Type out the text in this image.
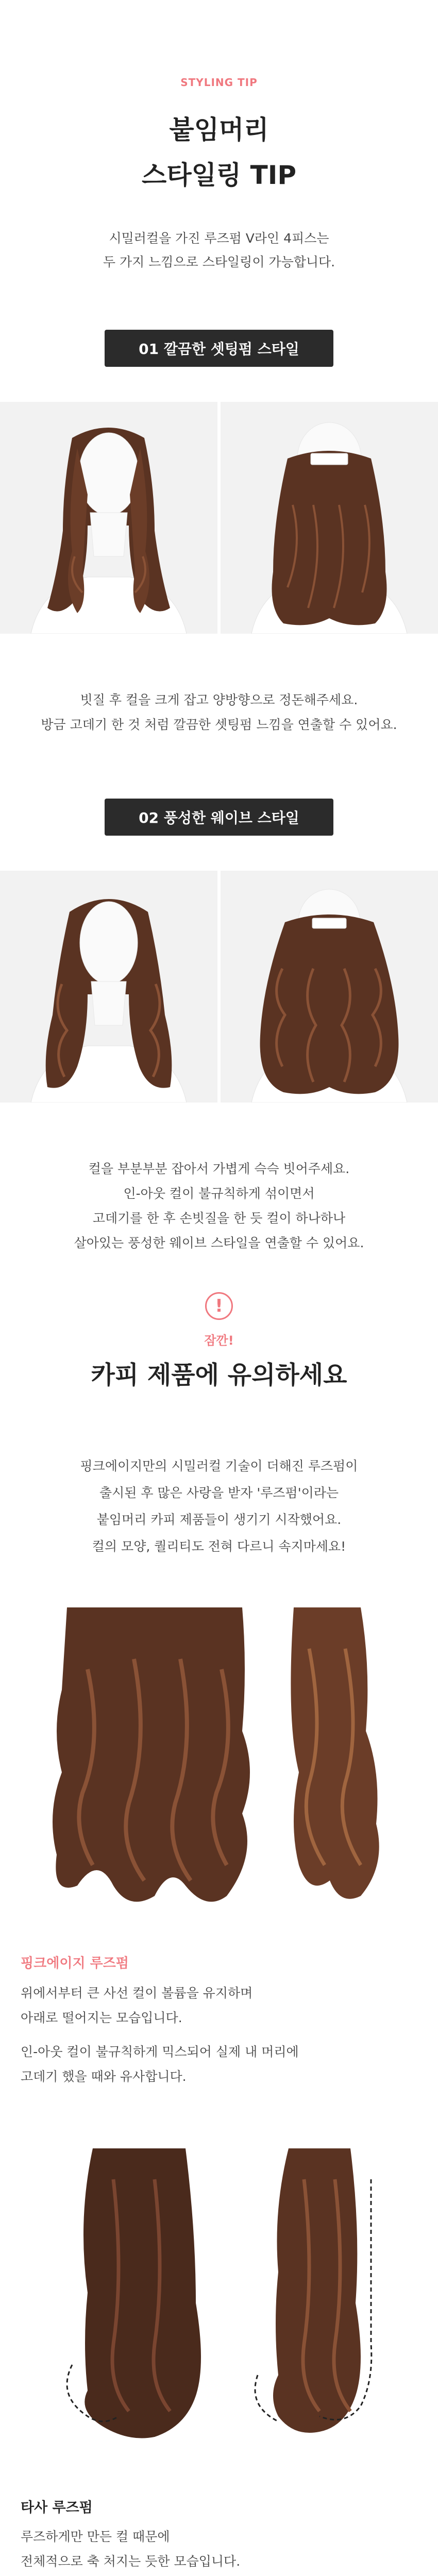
STYLING TIP
붙임머리
스타일링 TIP
시밀러컬을 가진 루즈펌 V라인 4피스는
두 가지 느낌으로 스타일링이 가능합니다.
01 깔끔한 셋팅펌 스타일
빗질 후 컬을 크게 잡고 양방향으로 정돈해주세요.
방금 고데기 한 것 처럼 깔끔한 셋팅펌 느낌을 연출할 수 있어요.
02 풍성한 웨이브 스타일
컬을 부분부분 잡아서 가볍게 슥슥 빗어주세요.
인-아웃 컬이 불규칙하게 섞이면서
고데기를 한 후 손빗질을 한 듯 컬이 하나하나
살아있는 풍성한 웨이브 스타일을 연출할 수 있어요.
!
잠깐!
카피 제품에 유의하세요
핑크에이지만의 시밀러컬 기술이 더해진 루즈펌이
출시된 후 많은 사랑을 받자 '루즈펌'이라는
붙임머리 카피 제품들이 생기기 시작했어요.
컬의 모양, 퀄리티도 전혀 다르니 속지마세요!
핑크에이지 루즈펌
위에서부터 큰 사선 컬이 볼륨을 유지하며
아래로 떨어지는 모습입니다.
인-아웃 컬이 불규칙하게 믹스되어 실제 내 머리에
고데기 했을 때와 유사합니다.
타사 루즈펌
루즈하게만 만든 컬 때문에
전체적으로 축 처지는 듯한 모습입니다.
